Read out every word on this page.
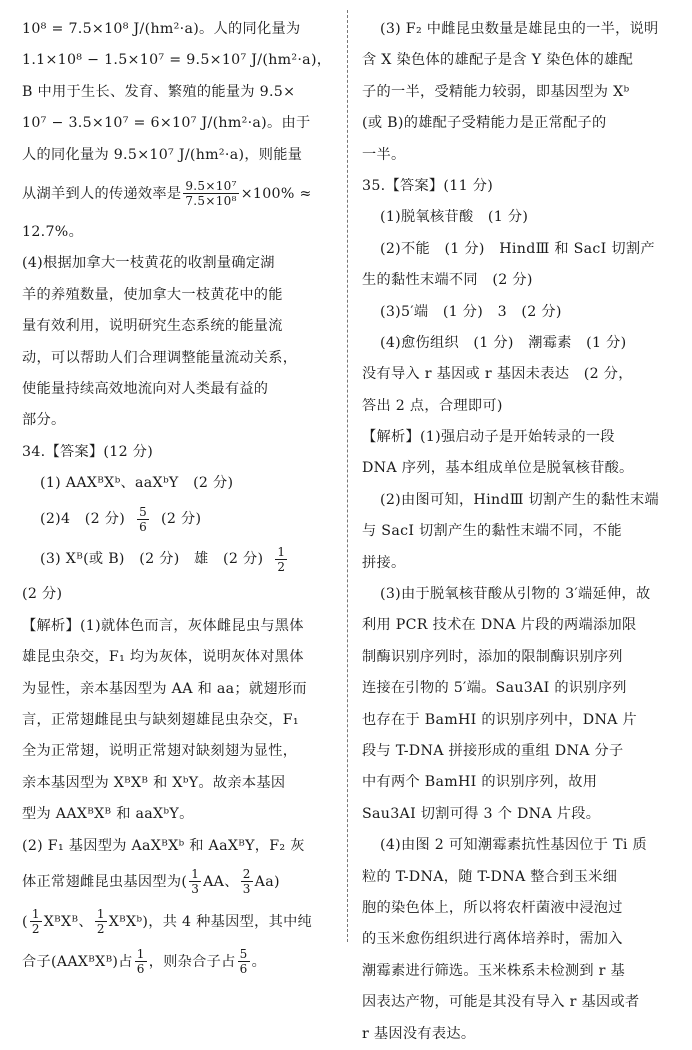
10⁸ = 7.5×10⁸ J/(hm²·a)。人的同化量为
1.1×10⁸ − 1.5×10⁷ = 9.5×10⁷ J/(hm²·a)，
B 中用于生长、发育、繁殖的能量为 9.5×
10⁷ − 3.5×10⁷ = 6×10⁷ J/(hm²·a)。由于
人的同化量为 9.5×10⁷ J/(hm²·a)，则能量
从湖羊到人的传递效率是 $\frac{\text{9.5×10⁷}}{\text{7.5×10⁸}} \times 100\%$ ≈
12.7%。
(4)根据加拿大一枝黄花的收割量确定湖
羊的养殖数量，使加拿大一枝黄花中的能
量有效利用，说明研究生态系统的能量流
动，可以帮助人们合理调整能量流动关系，
使能量持续高效地流向对人类最有益的
部分。
34.【答案】(12 分)
(1) AAXᴮXᵇ、aaXᵇY　(2 分)
(2)4　(2 分) $\frac{5}{6} (2$ 分)
(3) Xᴮ(或 B)　(2 分)　雄　(2 分) $\frac{1}{2}$
(2 分)
【解析】(1)就体色而言，灰体雌昆虫与黑体
雄昆虫杂交，F₁ 均为灰体，说明灰体对黑体
为显性，亲本基因型为 AA 和 aa；就翅形而
言，正常翅雌昆虫与缺刻翅雄昆虫杂交，F₁
全为正常翅，说明正常翅对缺刻翅为显性，
亲本基因型为 XᴮXᴮ 和 XᵇY。故亲本基因
型为 AAXᴮXᴮ 和 aaXᵇY。
(2) F₁ 基因型为 AaXᴮXᵇ 和 AaXᴮY，F₂ 灰
体正常翅雌昆虫基因型为( $\frac{1}{3}$ AA、 $\frac{2}{3} Aa$)
( $\frac{1}{2}$ XᴮXᴮ、 $\frac{1}{2}$ XᴮXᵇ)，共 4 种基因型，其中纯
合子(AAXᴮXᴮ)占 $\frac{1}{6}$ ，则杂合子占 $\frac{5}{6}$ 。
(3) F₂ 中雌昆虫数量是雄昆虫的一半，说明
含 X 染色体的雄配子是含 Y 染色体的雄配
子的一半，受精能力较弱，即基因型为 Xᵇ
(或 B)的雄配子受精能力是正常配子的
一半。
35.【答案】(11 分)
(1)脱氧核苷酸　(1 分)
(2)不能　(1 分)　HindⅢ 和 SacⅠ 切割产
生的黏性末端不同　(2 分)
(3)5′端　(1 分)　3　(2 分)
(4)愈伤组织　(1 分)　潮霉素　(1 分)
没有导入 r 基因或 r 基因未表达　(2 分，
答出 2 点，合理即可)
【解析】(1)强启动子是开始转录的一段
DNA 序列，基本组成单位是脱氧核苷酸。
(2)由图可知，HindⅢ 切割产生的黏性末端
与 SacⅠ 切割产生的黏性末端不同，不能
拼接。
(3)由于脱氧核苷酸从引物的 3′端延伸，故
利用 PCR 技术在 DNA 片段的两端添加限
制酶识别序列时，添加的限制酶识别序列
连接在引物的 5′端。Sau3AⅠ 的识别序列
也存在于 BamHⅠ 的识别序列中，DNA 片
段与 T-DNA 拼接形成的重组 DNA 分子
中有两个 BamHⅠ 的识别序列，故用
Sau3AⅠ 切割可得 3 个 DNA 片段。
(4)由图 2 可知潮霉素抗性基因位于 Ti 质
粒的 T-DNA，随 T-DNA 整合到玉米细
胞的染色体上，所以将农杆菌液中浸泡过
的玉米愈伤组织进行离体培养时，需加入
潮霉素进行筛选。玉米株系未检测到 r 基
因表达产物，可能是其没有导入 r 基因或者
r 基因没有表达。
